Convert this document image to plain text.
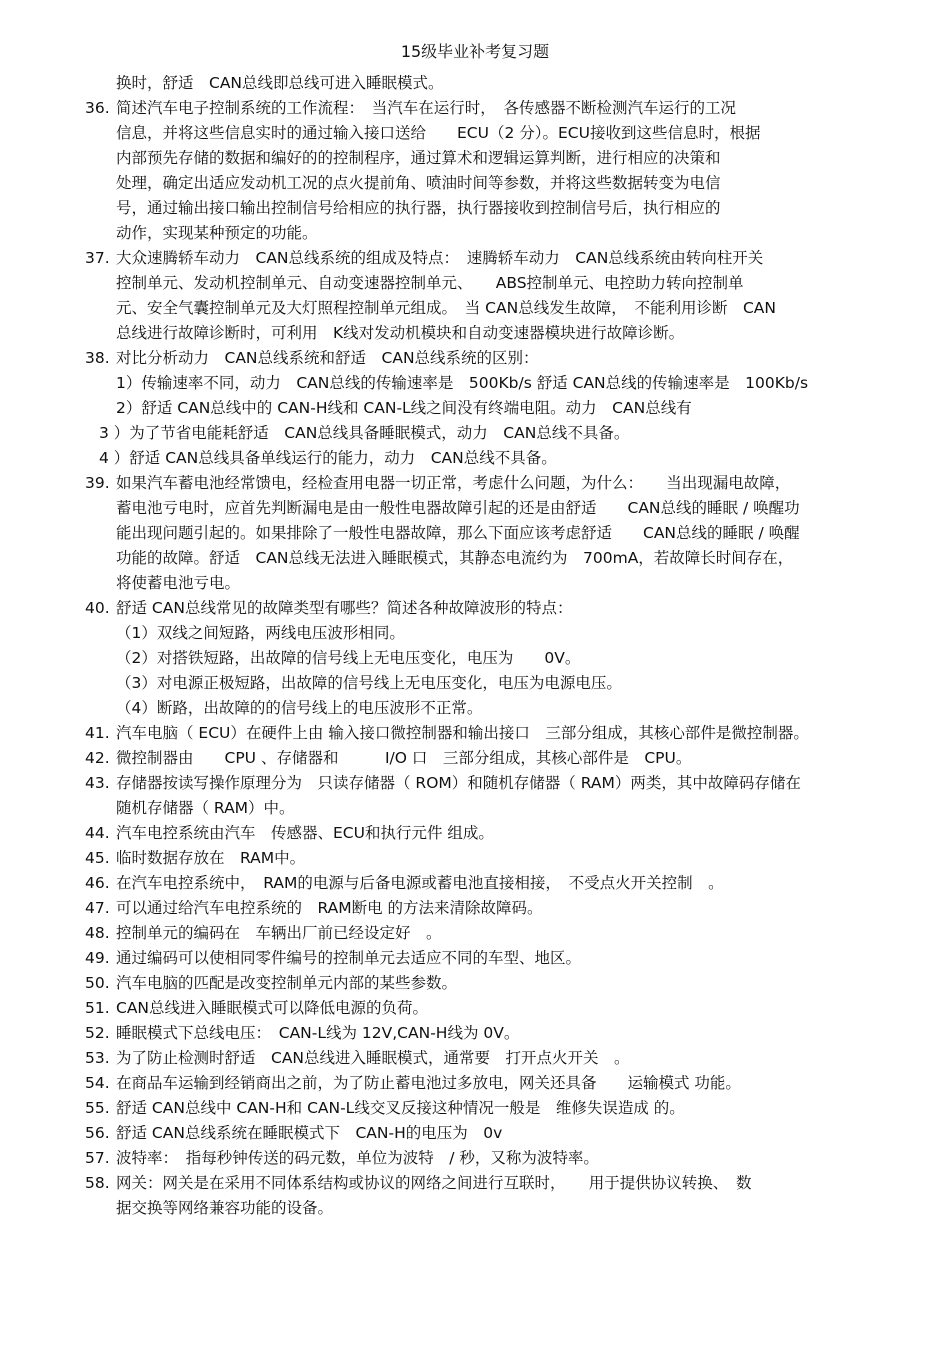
15级毕业补考复习题
换时，舒适　CAN总线即总线可进入睡眠模式。
36. 简述汽车电子控制系统的工作流程：　当汽车在运行时，　各传感器不断检测汽车运行的工况
信息，并将这些信息实时的通过输入接口送给　　ECU（2 分）。ECU接收到这些信息时，根据
内部预先存储的数据和编好的的控制程序，通过算术和逻辑运算判断，进行相应的决策和
处理，确定出适应发动机工况的点火提前角、喷油时间等参数，并将这些数据转变为电信
号，通过输出接口输出控制信号给相应的执行器，执行器接收到控制信号后，执行相应的
动作，实现某种预定的功能。
37. 大众速腾轿车动力　CAN总线系统的组成及特点：　速腾轿车动力　CAN总线系统由转向柱开关
控制单元、发动机控制单元、自动变速器控制单元、　　ABS控制单元、电控助力转向控制单
元、安全气囊控制单元及大灯照程控制单元组成。　当 CAN总线发生故障，　不能利用诊断　CAN
总线进行故障诊断时，可利用　K线对发动机模块和自动变速器模块进行故障诊断。
38. 对比分析动力　CAN总线系统和舒适　CAN总线系统的区别：
1）传输速率不同，动力　CAN总线的传输速率是　500Kb/s 舒适 CAN总线的传输速率是　100Kb/s
2）舒适 CAN总线中的 CAN-H线和 CAN-L线之间没有终端电阻。动力　CAN总线有
3 ）为了节省电能耗舒适　CAN总线具备睡眠模式，动力　CAN总线不具备。
4 ）舒适 CAN总线具备单线运行的能力，动力　CAN总线不具备。
39. 如果汽车蓄电池经常馈电，经检查用电器一切正常，考虑什么问题，为什么：　　当出现漏电故障，
蓄电池亏电时，应首先判断漏电是由一般性电器故障引起的还是由舒适　　CAN总线的睡眠 / 唤醒功
能出现问题引起的。如果排除了一般性电器故障，那么下面应该考虑舒适　　CAN总线的睡眠 / 唤醒
功能的故障。舒适　CAN总线无法进入睡眠模式，其静态电流约为　700mA，若故障长时间存在，
将使蓄电池亏电。
40. 舒适 CAN总线常见的故障类型有哪些？简述各种故障波形的特点：
（1）双线之间短路，两线电压波形相同。
（2）对搭铁短路，出故障的信号线上无电压变化，电压为　　0V。
（3）对电源正极短路，出故障的信号线上无电压变化，电压为电源电压。
（4）断路，出故障的的信号线上的电压波形不正常。
41. 汽车电脑（ ECU）在硬件上由 输入接口微控制器和输出接口　三部分组成，其核心部件是微控制器。
42. 微控制器由　　CPU 、存储器和　　　I/O 口　三部分组成，其核心部件是　CPU。
43. 存储器按读写操作原理分为　只读存储器（ ROM）和随机存储器（ RAM）两类，其中故障码存储在
随机存储器（ RAM）中。
44. 汽车电控系统由汽车　传感器、ECU和执行元件 组成。
45. 临时数据存放在　RAM中。
46. 在汽车电控系统中，　RAM的电源与后备电源或蓄电池直接相接，　不受点火开关控制　。
47. 可以通过给汽车电控系统的　RAM断电 的方法来清除故障码。
48. 控制单元的编码在　车辆出厂前已经设定好　。
49. 通过编码可以使相同零件编号的控制单元去适应不同的车型、地区。
50. 汽车电脑的匹配是改变控制单元内部的某些参数。
51. CAN总线进入睡眠模式可以降低电源的负荷。
52. 睡眠模式下总线电压：　CAN-L线为 12V,CAN-H线为 0V。
53. 为了防止检测时舒适　CAN总线进入睡眠模式，通常要　打开点火开关　。
54. 在商品车运输到经销商出之前，为了防止蓄电池过多放电，网关还具备　　运输模式 功能。
55. 舒适 CAN总线中 CAN-H和 CAN-L线交叉反接这种情况一般是　维修失误造成 的。
56. 舒适 CAN总线系统在睡眠模式下　CAN-H的电压为　0v
57. 波特率：　指每秒钟传送的码元数，单位为波特　/ 秒，又称为波特率。
58. 网关：网关是在采用不同体系结构或协议的网络之间进行互联时，　　用于提供协议转换、　数
据交换等网络兼容功能的设备。
